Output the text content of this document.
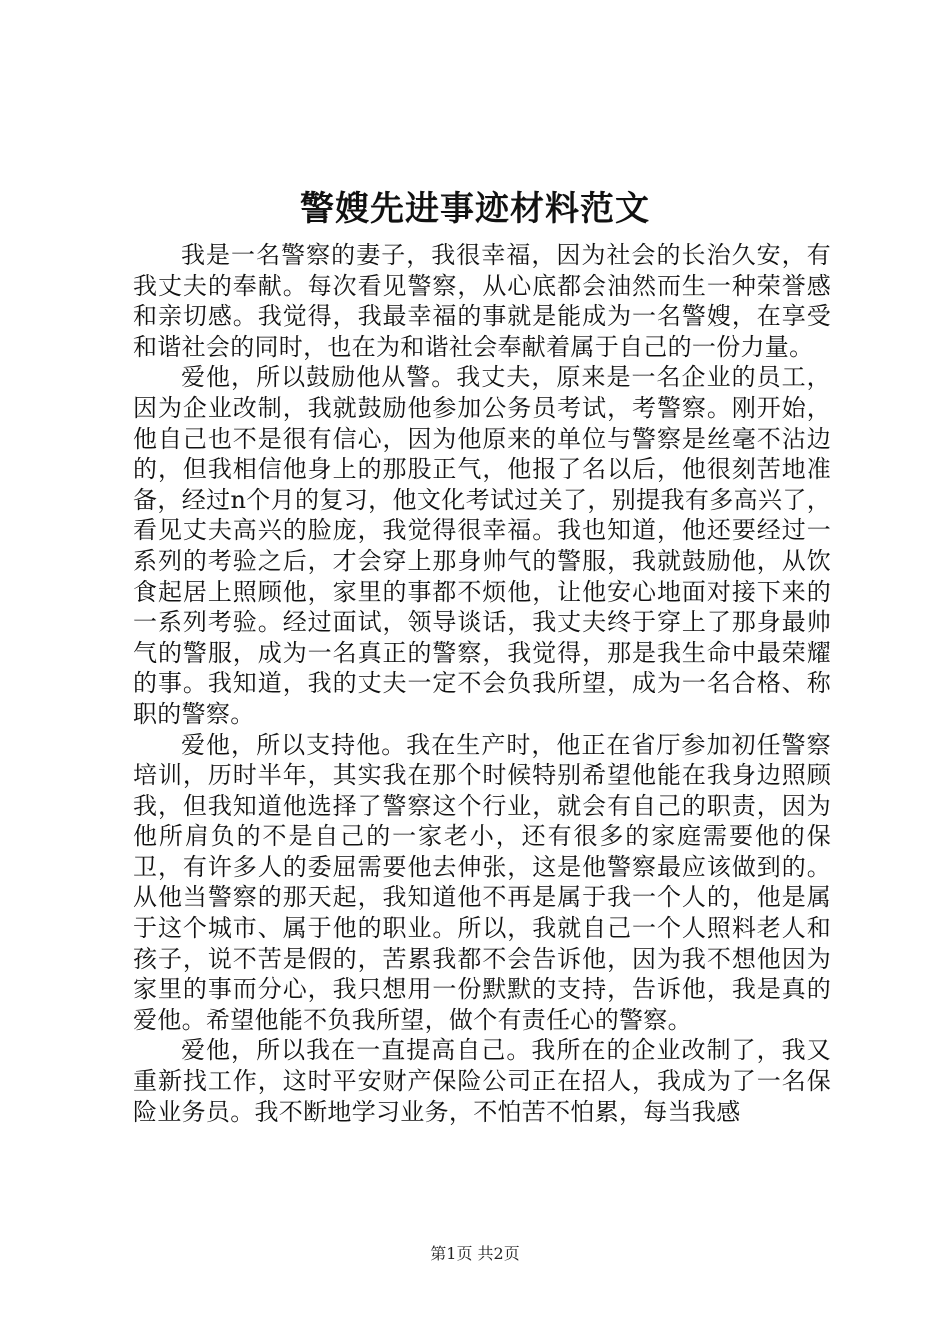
警嫂先进事迹材料范文

我是一名警察的妻子，我很幸福，因为社会的长治久安，有我丈夫的奉献。每次看见警察，从心底都会油然而生一种荣誉感和亲切感。我觉得，我最幸福的事就是能成为一名警嫂，在享受和谐社会的同时，也在为和谐社会奉献着属于自己的一份力量。

爱他，所以鼓励他从警。我丈夫，原来是一名企业的员工，因为企业改制，我就鼓励他参加公务员考试，考警察。刚开始，他自己也不是很有信心，因为他原来的单位与警察是丝毫不沾边的，但我相信他身上的那股正气，他报了名以后，他很刻苦地准备，经过n个月的复习，他文化考试过关了，别提我有多高兴了，看见丈夫高兴的脸庞，我觉得很幸福。我也知道，他还要经过一系列的考验之后，才会穿上那身帅气的警服，我就鼓励他，从饮食起居上照顾他，家里的事都不烦他，让他安心地面对接下来的一系列考验。经过面试，领导谈话，我丈夫终于穿上了那身最帅气的警服，成为一名真正的警察，我觉得，那是我生命中最荣耀的事。我知道，我的丈夫一定不会负我所望，成为一名合格、称职的警察。

爱他，所以支持他。我在生产时，他正在省厅参加初任警察培训，历时半年，其实我在那个时候特别希望他能在我身边照顾我，但我知道他选择了警察这个行业，就会有自己的职责，因为他所肩负的不是自己的一家老小，还有很多的家庭需要他的保卫，有许多人的委屈需要他去伸张，这是他警察最应该做到的。从他当警察的那天起，我知道他不再是属于我一个人的，他是属于这个城市、属于他的职业。所以，我就自己一个人照料老人和孩子，说不苦是假的，苦累我都不会告诉他，因为我不想他因为家里的事而分心，我只想用一份默默的支持，告诉他，我是真的爱他。希望他能不负我所望，做个有责任心的警察。

爱他，所以我在一直提高自己。我所在的企业改制了，我又重新找工作，这时平安财产保险公司正在招人，我成为了一名保险业务员。我不断地学习业务，不怕苦不怕累，每当我感

第1页 共2页
